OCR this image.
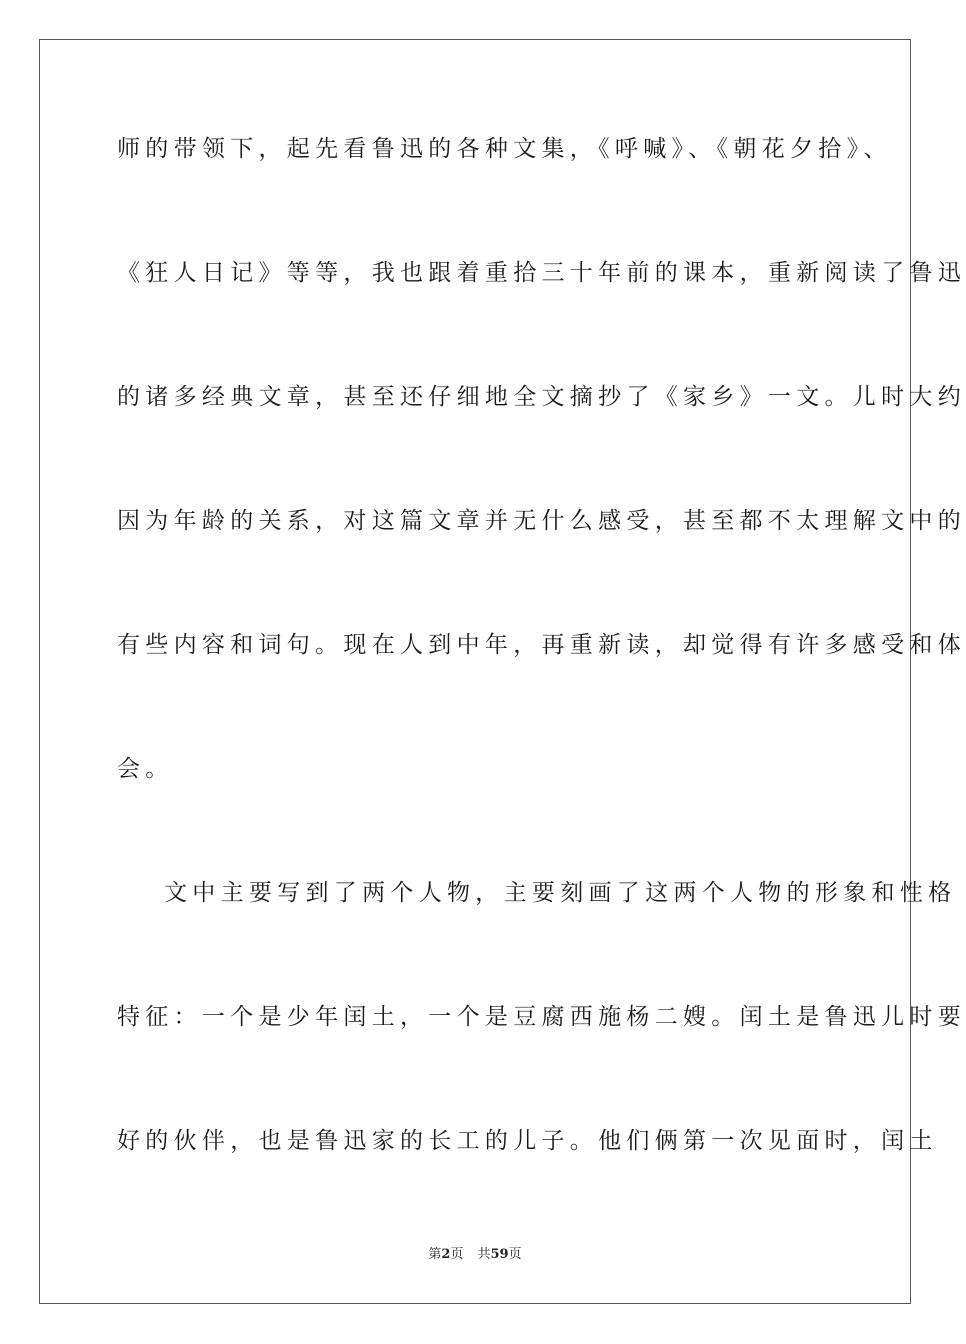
师的带领下，起先看鲁迅的各种文集，《呼喊》、《朝花夕拾》、
《狂人日记》等等，我也跟着重拾三十年前的课本，重新阅读了鲁迅
的诸多经典文章，甚至还仔细地全文摘抄了《家乡》一文。儿时大约
因为年龄的关系，对这篇文章并无什么感受，甚至都不太理解文中的
有些内容和词句。现在人到中年，再重新读，却觉得有许多感受和体
会。
文中主要写到了两个人物，主要刻画了这两个人物的形象和性格
特征：一个是少年闰土，一个是豆腐西施杨二嫂。闰土是鲁迅儿时要
好的伙伴，也是鲁迅家的长工的儿子。他们俩第一次见面时，闰土
第2页 共59页
